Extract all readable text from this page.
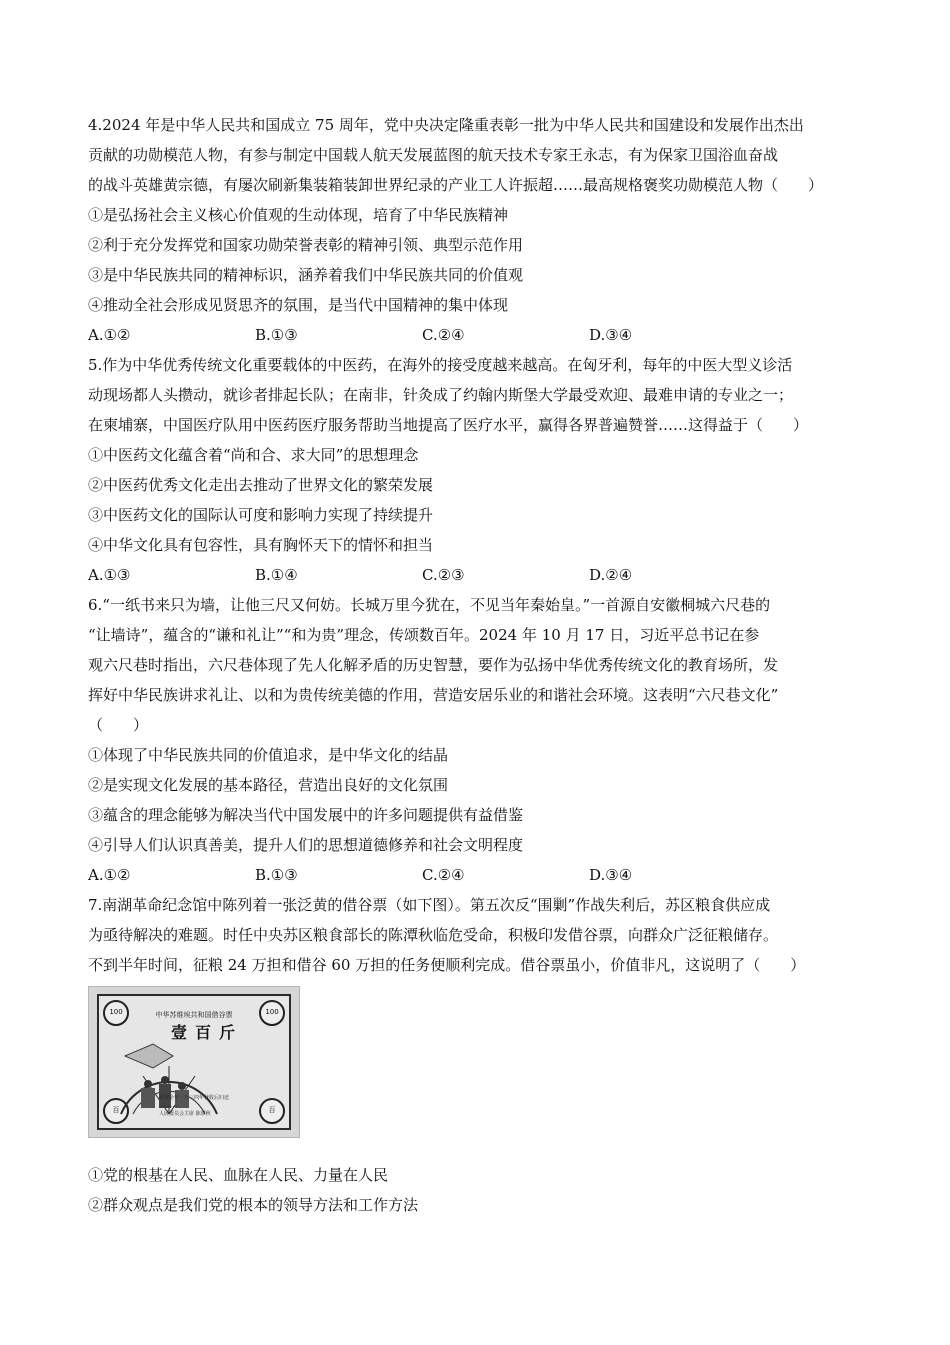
4.2024 年是中华人民共和国成立 75 周年，党中央决定隆重表彰一批为中华人民共和国建设和发展作出杰出
贡献的功勋模范人物，有参与制定中国载人航天发展蓝图的航天技术专家王永志，有为保家卫国浴血奋战
的战斗英雄黄宗德，有屡次刷新集装箱装卸世界纪录的产业工人许振超……最高规格褒奖功勋模范人物（　　）
①是弘扬社会主义核心价值观的生动体现，培育了中华民族精神
②利于充分发挥党和国家功勋荣誉表彰的精神引领、典型示范作用
③是中华民族共同的精神标识，涵养着我们中华民族共同的价值观
④推动全社会形成见贤思齐的氛围，是当代中国精神的集中体现
A.①②	B.①③	C.②④	D.③④
5.作为中华优秀传统文化重要载体的中医药，在海外的接受度越来越高。在匈牙利，每年的中医大型义诊活
动现场都人头攒动，就诊者排起长队；在南非，针灸成了约翰内斯堡大学最受欢迎、最难申请的专业之一；
在柬埔寨，中国医疗队用中医药医疗服务帮助当地提高了医疗水平，赢得各界普遍赞誉……这得益于（　　）
①中医药文化蕴含着“尚和合、求大同”的思想理念
②中医药优秀文化走出去推动了世界文化的繁荣发展
③中医药文化的国际认可度和影响力实现了持续提升
④中华文化具有包容性，具有胸怀天下的情怀和担当
A.①③	B.①④	C.②③	D.②④
6.“一纸书来只为墙，让他三尺又何妨。长城万里今犹在，不见当年秦始皇。”一首源自安徽桐城六尺巷的
“让墙诗”，蕴含的“谦和礼让”“和为贵”理念，传颂数百年。2024 年 10 月 17 日，习近平总书记在参
观六尺巷时指出，六尺巷体现了先人化解矛盾的历史智慧，要作为弘扬中华优秀传统文化的教育场所，发
挥好中华民族讲求礼让、以和为贵传统美德的作用，营造安居乐业的和谐社会环境。这表明“六尺巷文化”
（　　）
①体现了中华民族共同的价值追求，是中华文化的结晶
②是实现文化发展的基本路径，营造出良好的文化氛围
③蕴含的理念能够为解决当代中国发展中的许多问题提供有益借鉴
④引导人们认识真善美，提升人们的思想道德修养和社会文明程度
A.①②	B.①③	C.②④	D.③④
7.南湖革命纪念馆中陈列着一张泛黄的借谷票（如下图）。第五次反“围剿”作战失利后，苏区粮食供应成
为亟待解决的难题。时任中央苏区粮食部长的陈潭秋临危受命，积极印发借谷票，向群众广泛征粮储存。
不到半年时间，征粮 24 万担和借谷 60 万担的任务便顺利完成。借谷票虽小，价值非凡，这说明了（　　）
100	100
百	百
中华苏维埃共和国借谷票
壹百斤
此票全年一九三四年秋收后归还
…………
人民委员会主席 陈潭秋
①党的根基在人民、血脉在人民、力量在人民
②群众观点是我们党的根本的领导方法和工作方法
